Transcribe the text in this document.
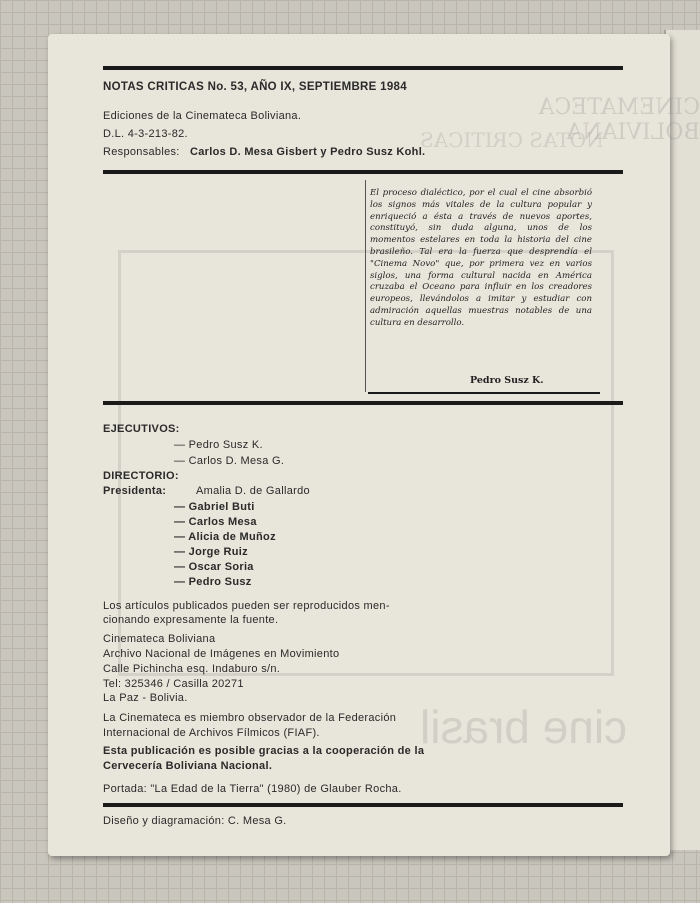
CINEMATECA BOLIVIANA
NOTAS CRITICAS
cine brasil
NOTAS CRITICAS No. 53, AÑO IX, SEPTIEMBRE 1984
Ediciones de la Cinemateca Boliviana.
D.L. 4-3-213-82.
Responsables: Carlos D. Mesa Gisbert y Pedro Susz Kohl.
El proceso dialéctico, por el cual el cine absorbió los signos más vitales de la cultura popular y enriqueció a ésta a través de nuevos aportes, constituyó, sin duda alguna, unos de los momentos estelares en toda la historia del cine brasileño. Tal era la fuerza que desprendía el "Cinema Novo" que, por primera vez en varios siglos, una forma cultural nacida en América cruzaba el Oceano para influir en los creadores europeos, llevándolos a imitar y estudiar con admiración aquellas muestras notables de una cultura en desarrollo.
Pedro Susz K.
EJECUTIVOS:
— Pedro Susz K.
— Carlos D. Mesa G.
DIRECTORIO:
Presidenta:	Amalia D. de Gallardo
— Gabriel Buti
— Carlos Mesa
— Alicia de Muñoz
— Jorge Ruiz
— Oscar Soria
— Pedro Susz
Los artículos publicados pueden ser reproducidos men-
cionando expresamente la fuente.
Cinemateca Boliviana
Archivo Nacional de Imágenes en Movimiento
Calle Pichincha esq. Indaburo s/n.
Tel: 325346 / Casilla 20271
La Paz - Bolivia.
La Cinemateca es miembro observador de la Federación
Internacional de Archivos Fílmicos (FIAF).
Esta publicación es posible gracias a la cooperación de la
Cervecería Boliviana Nacional.
Portada: "La Edad de la Tierra" (1980) de Glauber Rocha.
Diseño y diagramación: C. Mesa G.
